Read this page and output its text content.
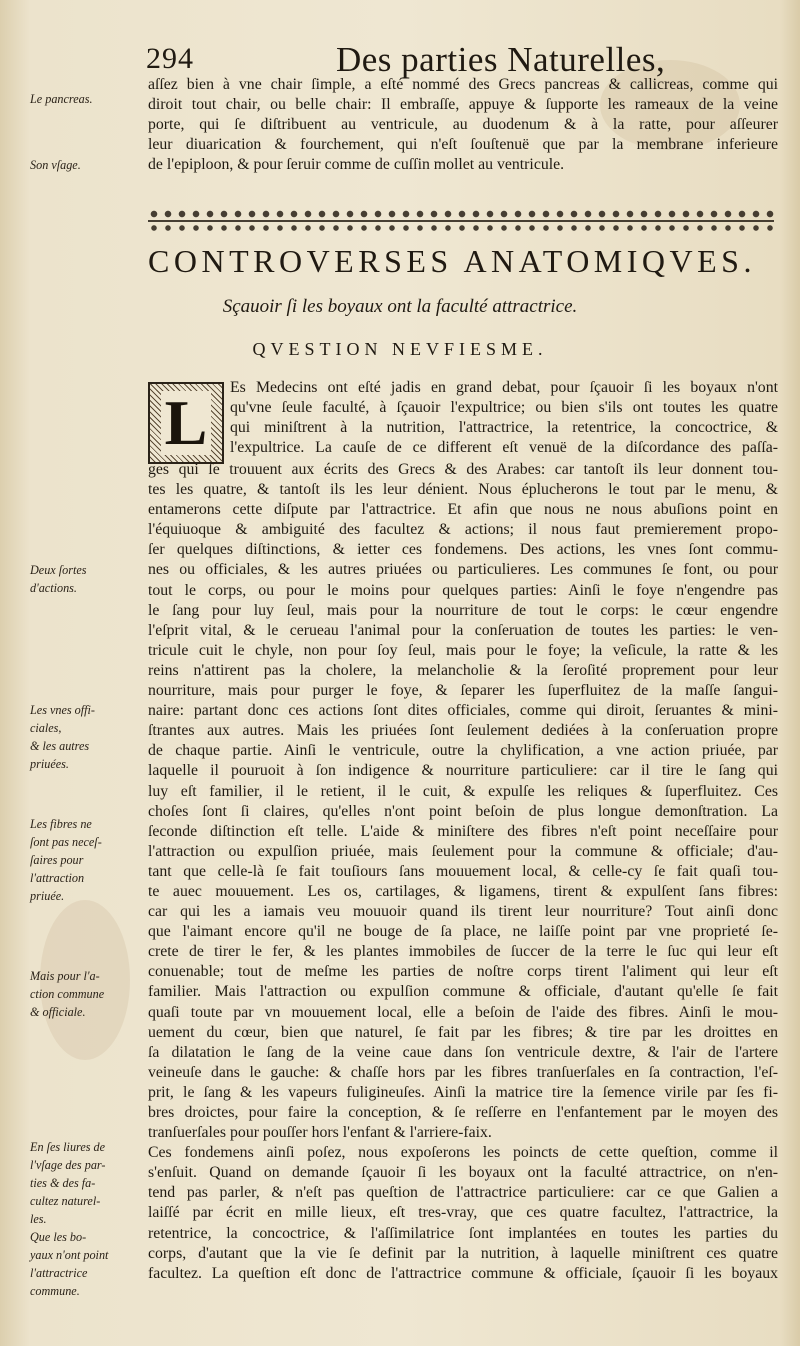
294	Des parties Naturelles,
Le pancreas.
Son vſage.
Deux ſortes
d'actions.
Les vnes offi-
ciales,
& les autres
priuées.
Les fibres ne
ſont pas neceſ-
ſaires pour
l'attraction
priuée.
Mais pour l'a-
ction commune
& officiale.
En ſes liures de
l'vſage des par-
ties & des fa-
cultez naturel-
les.
Que les bo-
yaux n'ont point
l'attractrice
commune.
aſſez bien à vne chair ſimple, a eſté nommé des Grecs pancreas & callicreas, comme qui
diroit tout chair, ou belle chair: Il embraſſe, appuye & ſupporte les rameaux de la veine
porte, qui ſe diſtribuent au ventricule, au duodenum & à la ratte, pour aſſeurer
leur diuarication & fourchement, qui n'eſt ſouſtenuë que par la membrane inferieure
de l'epiploon, & pour ſeruir comme de cuſſin mollet au ventricule.
CONTROVERSES ANATOMIQVES.
Sçauoir ſi les boyaux ont la faculté attractrice.
QVESTION NEVFIESME.
L Es Medecins ont eſté jadis en grand debat, pour ſçauoir ſi les boyaux n'ont
qu'vne ſeule faculté, à ſçauoir l'expultrice; ou bien s'ils ont toutes les quatre
qui miniſtrent à la nutrition, l'attractrice, la retentrice, la concoctrice, &
l'expultrice. La cauſe de ce different eſt venuë de la diſcordance des paſſa-
ges qui ſe trouuent aux écrits des Grecs & des Arabes: car tantoſt ils leur donnent tou-
tes les quatre, & tantoſt ils les leur dénient. Nous éplucherons le tout par le menu, &
entamerons cette diſpute par l'attractrice. Et afin que nous ne nous abuſions point en
l'équiuoque & ambiguité des facultez & actions; il nous faut premierement propo-
ſer quelques diſtinctions, & ietter ces fondemens. Des actions, les vnes ſont commu-
nes ou officiales, & les autres priuées ou particulieres. Les communes ſe font, ou pour
tout le corps, ou pour le moins pour quelques parties: Ainſi le foye n'engendre pas
le ſang pour luy ſeul, mais pour la nourriture de tout le corps: le cœur engendre
l'eſprit vital, & le cerueau l'animal pour la conſeruation de toutes les parties: le ven-
tricule cuit le chyle, non pour ſoy ſeul, mais pour le foye; la veſicule, la ratte & les
reins n'attirent pas la cholere, la melancholie & la ſeroſité proprement pour leur
nourriture, mais pour purger le foye, & ſeparer les ſuperfluitez de la maſſe ſangui-
naire: partant donc ces actions ſont dites officiales, comme qui diroit, ſeruantes & mini-
ſtrantes aux autres. Mais les priuées ſont ſeulement dediées à la conſeruation propre
de chaque partie. Ainſi le ventricule, outre la chylification, a vne action priuée, par
laquelle il pouruoit à ſon indigence & nourriture particuliere: car il tire le ſang qui
luy eſt familier, il le retient, il le cuit, & expulſe les reliques & ſuperfluitez. Ces
choſes ſont ſi claires, qu'elles n'ont point beſoin de plus longue demonſtration. La
ſeconde diſtinction eſt telle. L'aide & miniſtere des fibres n'eſt point neceſſaire pour
l'attraction ou expulſion priuée, mais ſeulement pour la commune & officiale; d'au-
tant que celle-là ſe fait touſiours ſans mouuement local, & celle-cy ſe fait quaſi tou-
te auec mouuement. Les os, cartilages, & ligamens, tirent & expulſent ſans fibres:
car qui les a iamais veu mouuoir quand ils tirent leur nourriture? Tout ainſi donc
que l'aimant encore qu'il ne bouge de ſa place, ne laiſſe point par vne proprieté ſe-
crete de tirer le fer, & les plantes immobiles de ſuccer de la terre le ſuc qui leur eſt
conuenable; tout de meſme les parties de noſtre corps tirent l'aliment qui leur eſt
familier. Mais l'attraction ou expulſion commune & officiale, d'autant qu'elle ſe fait
quaſi toute par vn mouuement local, elle a beſoin de l'aide des fibres. Ainſi le mou-
uement du cœur, bien que naturel, ſe fait par les fibres; & tire par les droittes en
ſa dilatation le ſang de la veine caue dans ſon ventricule dextre, & l'air de l'artere
veineuſe dans le gauche: & chaſſe hors par les fibres tranſuerſales en ſa contraction, l'eſ-
prit, le ſang & les vapeurs fuligineuſes. Ainſi la matrice tire la ſemence virile par ſes fi-
bres droictes, pour faire la conception, & ſe reſſerre en l'enfantement par le moyen des
tranſuerſales pour pouſſer hors l'enfant & l'arriere-faix.
Ces fondemens ainſi poſez, nous expoſerons les poincts de cette queſtion, comme il
s'enſuit. Quand on demande ſçauoir ſi les boyaux ont la faculté attractrice, on n'en-
tend pas parler, & n'eſt pas queſtion de l'attractrice particuliere: car ce que Galien a
laiſſé par écrit en mille lieux, eſt tres-vray, que ces quatre facultez, l'attractrice, la
retentrice, la concoctrice, & l'aſſimilatrice ſont implantées en toutes les parties du
corps, d'autant que la vie ſe definit par la nutrition, à laquelle miniſtrent ces quatre
facultez. La queſtion eſt donc de l'attractrice commune & officiale, ſçauoir ſi les boyaux
